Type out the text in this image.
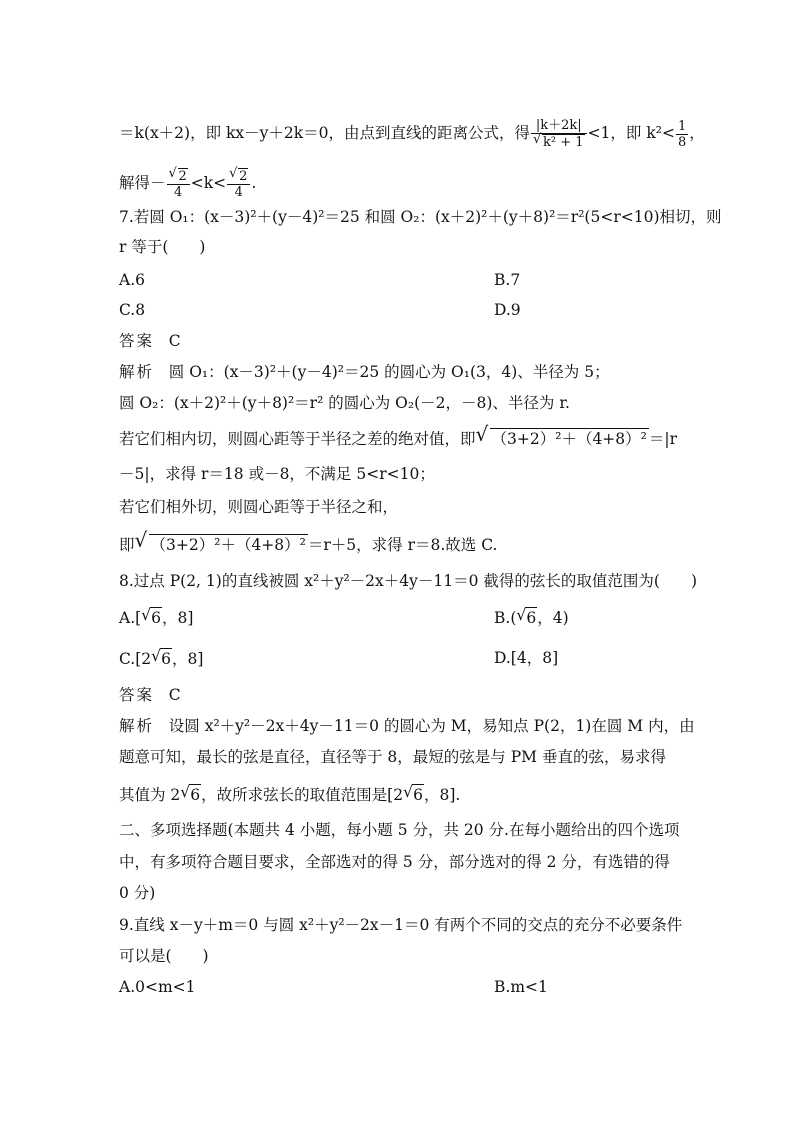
＝k(x＋2)，即 kx－y＋2k＝0，由点到直线的距离公式，得 |k＋2k|
√ k² + 1 <1，即 $k^2< \frac{1}{8}$ ，
解得－ √ $\frac{2}{4} <k<$ √ $\frac{2}{4}$ .
7.若圆 O₁：(x－3)²＋(y－4)²＝25 和圆 O₂：(x＋2)²＋(y＋8)²＝r²(5<r<10)相切，则
r 等于(　　)
A.6	B.7
C.8	D.9
答案 C
解析 圆 O₁：(x－3)²＋(y－4)²＝25 的圆心为 O₁(3，4)、半径为 5；
圆 O₂：(x＋2)²＋(y＋8)²＝r² 的圆心为 O₂(－2，－8)、半径为 r.
若它们相内切，则圆心距等于半径之差的绝对值，即 √ （3+2）²＋（4+8）² ＝|r
－5|，求得 r＝18 或－8，不满足 5<r<10；
若它们相外切，则圆心距等于半径之和，
即 √ （3+2）²＋（4+8）² ＝r＋5，求得 r＝8.故选 C.
8.过点 P(2, 1)的直线被圆 x²＋y²－2x＋4y－11＝0 截得的弦长的取值范围为(　　)
A.[ √ 6，8]	B.( √ 6，4)
C.[2 √ 6，8]	D.[4，8]
答案 C
解析 设圆 x²＋y²－2x＋4y－11＝0 的圆心为 M，易知点 P(2，1)在圆 M 内，由
题意可知，最长的弦是直径，直径等于 8，最短的弦是与 PM 垂直的弦，易求得
其值为 2 √ 6，故所求弦长的取值范围是[2 √ 6，8].
二、多项选择题(本题共 4 小题，每小题 5 分，共 20 分.在每小题给出的四个选项
中，有多项符合题目要求，全部选对的得 5 分，部分选对的得 2 分，有选错的得
0 分)
9.直线 x－y＋m＝0 与圆 x²＋y²－2x－1＝0 有两个不同的交点的充分不必要条件
可以是(　　)
A.0<m<1	B.m<1
